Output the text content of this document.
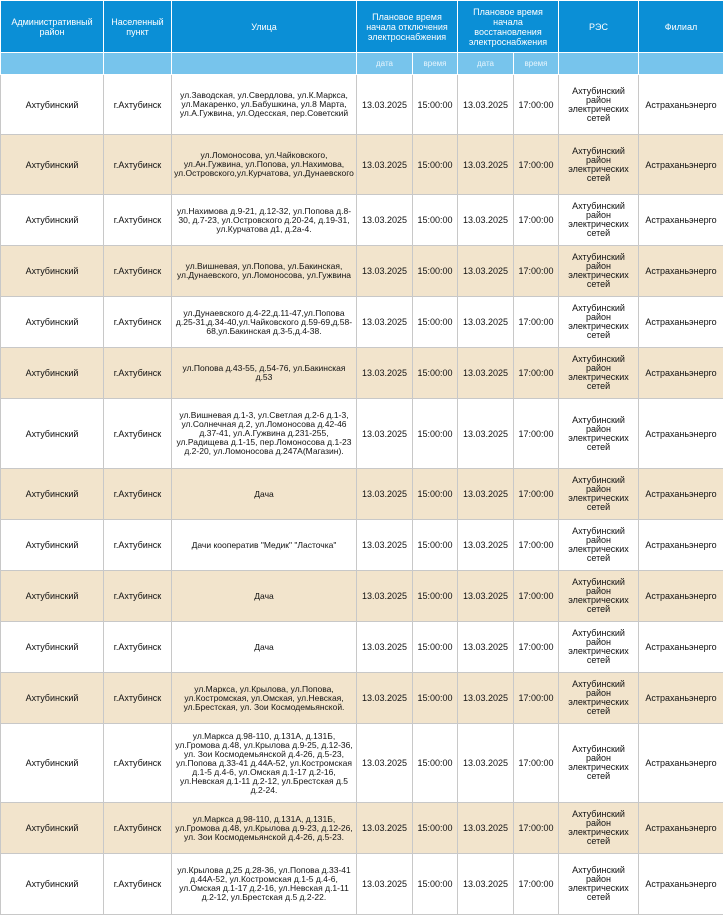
Административный район	Населенный пункт	Улица	Плановое время начала отключения электроснабжения		Плановое время начала восстановления электроснабжения		РЭС	Филиал
			дата	время	дата	время		
Ахтубинский	г.Ахтубинск	ул.Заводская, ул.Свердлова, ул.К.Маркса, ул.Макаренко, ул.Бабушкина, ул.8 Марта, ул.А.Гужвина, ул.Одесская, пер.Советский	13.03.2025	15:00:00	13.03.2025	17:00:00	Ахтубинский район электрических сетей	Астраханьэнерго
Ахтубинский	г.Ахтубинск	ул.Ломоносова, ул.Чайковского, ул.Ан.Гужвина, ул.Попова, ул.Нахимова, ул.Островского,ул.Курчатова, ул.Дунаевского	13.03.2025	15:00:00	13.03.2025	17:00:00	Ахтубинский район электрических сетей	Астраханьэнерго
Ахтубинский	г.Ахтубинск	ул.Нахимова д.9-21, д.12-32, ул.Попова д.8-30, д.7-23, ул.Островского д.20-24, д.19-31, ул.Курчатова д1, д.2а-4.	13.03.2025	15:00:00	13.03.2025	17:00:00	Ахтубинский район электрических сетей	Астраханьэнерго
Ахтубинский	г.Ахтубинск	ул.Вишневая, ул.Попова, ул.Бакинская, ул.Дунаевского, ул.Ломоносова, ул.Гужвина	13.03.2025	15:00:00	13.03.2025	17:00:00	Ахтубинский район электрических сетей	Астраханьэнерго
Ахтубинский	г.Ахтубинск	ул.Дунаевского д.4-22,д.11-47,ул.Попова д.25-31,д.34-40,ул.Чайковского д.59-69,д.58-68,ул.Бакинская д.3-5,д.4-38.	13.03.2025	15:00:00	13.03.2025	17:00:00	Ахтубинский район электрических сетей	Астраханьэнерго
Ахтубинский	г.Ахтубинск	ул.Попова д.43-55, д.54-76, ул.Бакинская д.53	13.03.2025	15:00:00	13.03.2025	17:00:00	Ахтубинский район электрических сетей	Астраханьэнерго
Ахтубинский	г.Ахтубинск	ул.Вишневая д.1-3, ул.Светлая д.2-6 д.1-3, ул.Солнечная д.2, ул.Ломоносова д.42-46 д.37-41, ул.А.Гужвина д.231-255, ул.Радищева д.1-15, пер.Ломоносова д.1-23 д.2-20, ул.Ломоносова д.247А(Магазин).	13.03.2025	15:00:00	13.03.2025	17:00:00	Ахтубинский район электрических сетей	Астраханьэнерго
Ахтубинский	г.Ахтубинск	Дача	13.03.2025	15:00:00	13.03.2025	17:00:00	Ахтубинский район электрических сетей	Астраханьэнерго
Ахтубинский	г.Ахтубинск	Дачи кооператив "Медик" "Ласточка"	13.03.2025	15:00:00	13.03.2025	17:00:00	Ахтубинский район электрических сетей	Астраханьэнерго
Ахтубинский	г.Ахтубинск	Дача	13.03.2025	15:00:00	13.03.2025	17:00:00	Ахтубинский район электрических сетей	Астраханьэнерго
Ахтубинский	г.Ахтубинск	Дача	13.03.2025	15:00:00	13.03.2025	17:00:00	Ахтубинский район электрических сетей	Астраханьэнерго
Ахтубинский	г.Ахтубинск	ул.Маркса, ул.Крылова, ул.Попова, ул.Костромская, ул.Омская, ул.Невская, ул.Брестская, ул. Зои Космодемьянской.	13.03.2025	15:00:00	13.03.2025	17:00:00	Ахтубинский район электрических сетей	Астраханьэнерго
Ахтубинский	г.Ахтубинск	ул.Маркса д.98-110, д.131А, д.131Б, ул.Громова д.48, ул.Крылова д.9-25, д.12-36, ул. Зои Космодемьянской д.4-26, д.5-23, ул.Попова д.33-41 д.44А-52, ул.Костромская д.1-5 д.4-6, ул.Омская д.1-17 д.2-16, ул.Невская д.1-11 д.2-12, ул.Брестская д.5 д.2-24.	13.03.2025	15:00:00	13.03.2025	17:00:00	Ахтубинский район электрических сетей	Астраханьэнерго
Ахтубинский	г.Ахтубинск	ул.Маркса д.98-110, д.131А, д.131Б, ул.Громова д.48, ул.Крылова д.9-23, д.12-26, ул. Зои Космодемьянской д.4-26, д.5-23.	13.03.2025	15:00:00	13.03.2025	17:00:00	Ахтубинский район электрических сетей	Астраханьэнерго
Ахтубинский	г.Ахтубинск	ул.Крылова д.25 д.28-36, ул.Попова д.33-41 д.44А-52, ул.Костромская д.1-5 д.4-6, ул.Омская д.1-17 д.2-16, ул.Невская д.1-11 д.2-12, ул.Брестская д.5 д.2-22.	13.03.2025	15:00:00	13.03.2025	17:00:00	Ахтубинский район электрических сетей	Астраханьэнерго
